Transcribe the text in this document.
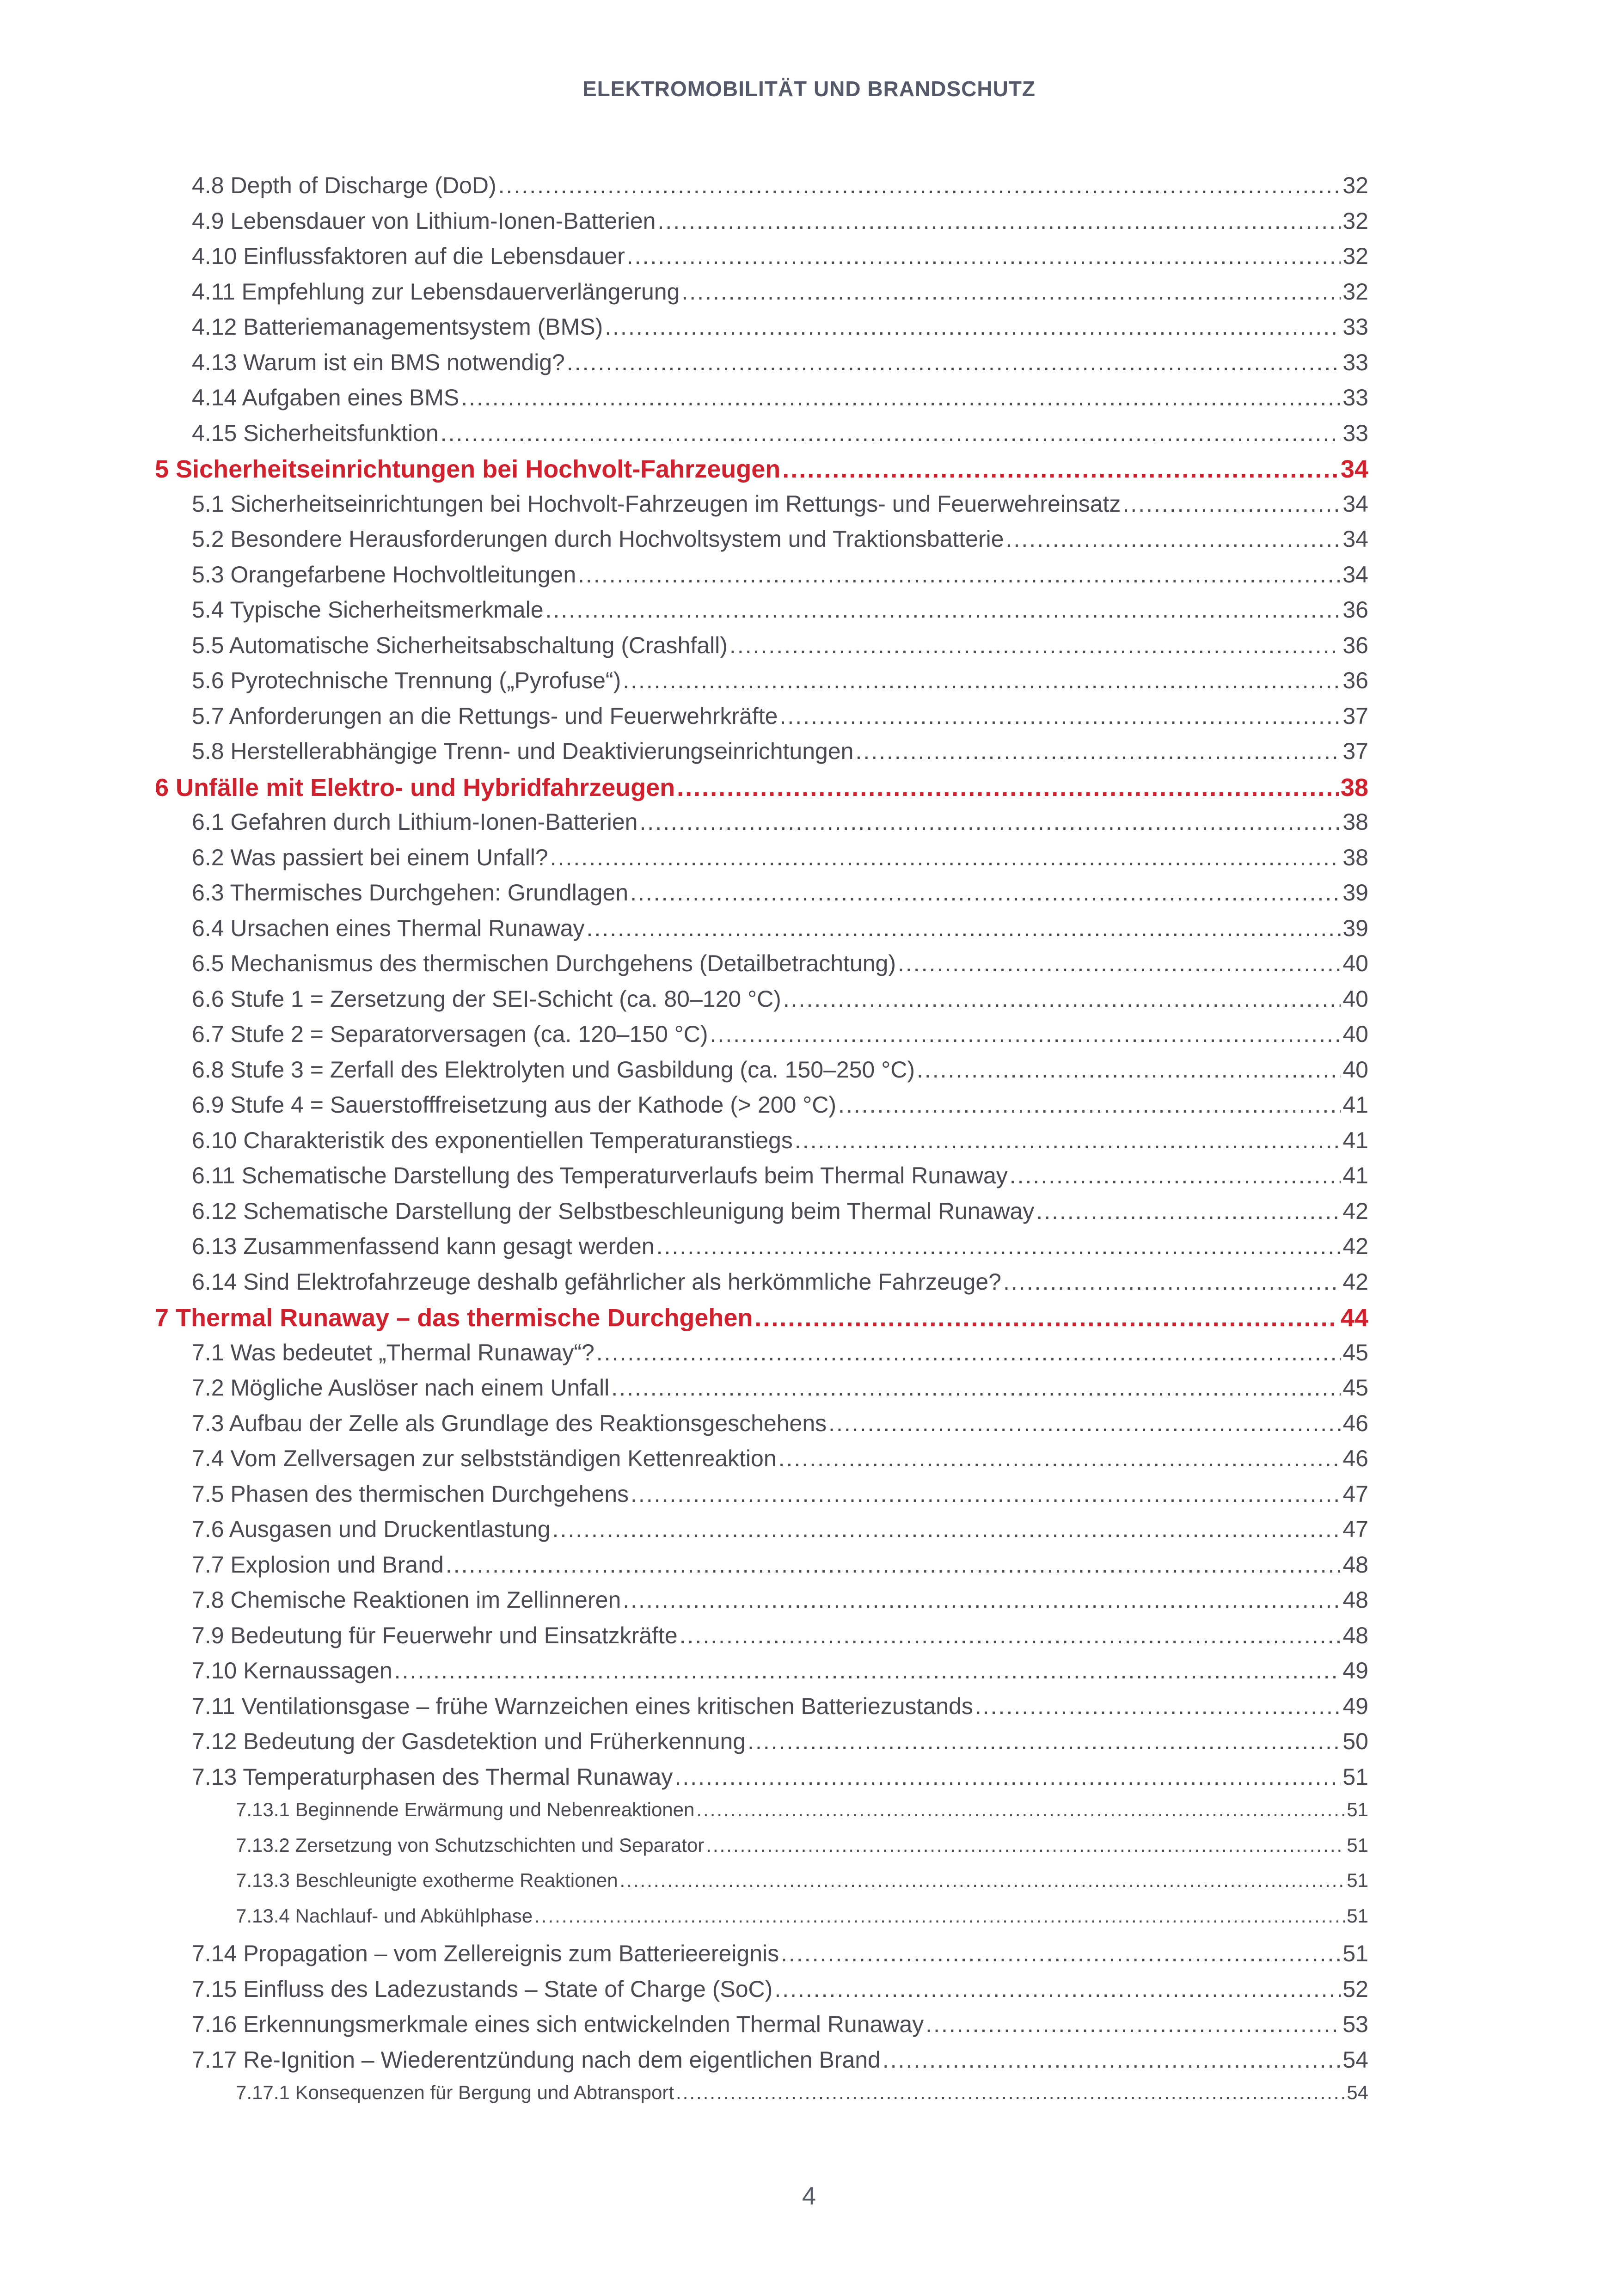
ELEKTROMOBILITÄT UND BRANDSCHUTZ
4.8 Depth of Discharge (DoD) .....	32
4.9 Lebensdauer von Lithium-Ionen-Batterien .....	32
4.10 Einflussfaktoren auf die Lebensdauer .....	32
4.11 Empfehlung zur Lebensdauerverlängerung .....	32
4.12 Batteriemanagementsystem (BMS) .....	33
4.13 Warum ist ein BMS notwendig? .....	33
4.14 Aufgaben eines BMS .....	33
4.15 Sicherheitsfunktion .....	33
5 Sicherheitseinrichtungen bei Hochvolt-Fahrzeugen .....	34
5.1 Sicherheitseinrichtungen bei Hochvolt-Fahrzeugen im Rettungs- und Feuerwehreinsatz .....	34
5.2 Besondere Herausforderungen durch Hochvoltsystem und Traktionsbatterie .....	34
5.3 Orangefarbene Hochvoltleitungen .....	34
5.4 Typische Sicherheitsmerkmale .....	36
5.5 Automatische Sicherheitsabschaltung (Crashfall) .....	36
5.6 Pyrotechnische Trennung („Pyrofuse“) .....	36
5.7 Anforderungen an die Rettungs- und Feuerwehrkräfte .....	37
5.8 Herstellerabhängige Trenn- und Deaktivierungseinrichtungen .....	37
6 Unfälle mit Elektro- und Hybridfahrzeugen .....	38
6.1 Gefahren durch Lithium-Ionen-Batterien .....	38
6.2 Was passiert bei einem Unfall? .....	38
6.3 Thermisches Durchgehen: Grundlagen .....	39
6.4 Ursachen eines Thermal Runaway .....	39
6.5 Mechanismus des thermischen Durchgehens (Detailbetrachtung) .....	40
6.6 Stufe 1 = Zersetzung der SEI-Schicht (ca. 80–120 °C) .....	40
6.7 Stufe 2 = Separatorversagen (ca. 120–150 °C) .....	40
6.8 Stufe 3 = Zerfall des Elektrolyten und Gasbildung (ca. 150–250 °C) .....	40
6.9 Stufe 4 = Sauerstofffreisetzung aus der Kathode (> 200 °C) .....	41
6.10 Charakteristik des exponentiellen Temperaturanstiegs .....	41
6.11 Schematische Darstellung des Temperaturverlaufs beim Thermal Runaway .....	41
6.12 Schematische Darstellung der Selbstbeschleunigung beim Thermal Runaway .....	42
6.13 Zusammenfassend kann gesagt werden .....	42
6.14 Sind Elektrofahrzeuge deshalb gefährlicher als herkömmliche Fahrzeuge? .....	42
7 Thermal Runaway – das thermische Durchgehen .....	44
7.1 Was bedeutet „Thermal Runaway“? .....	45
7.2 Mögliche Auslöser nach einem Unfall .....	45
7.3 Aufbau der Zelle als Grundlage des Reaktionsgeschehens .....	46
7.4 Vom Zellversagen zur selbstständigen Kettenreaktion .....	46
7.5 Phasen des thermischen Durchgehens .....	47
7.6 Ausgasen und Druckentlastung .....	47
7.7 Explosion und Brand .....	48
7.8 Chemische Reaktionen im Zellinneren .....	48
7.9 Bedeutung für Feuerwehr und Einsatzkräfte .....	48
7.10 Kernaussagen .....	49
7.11 Ventilationsgase – frühe Warnzeichen eines kritischen Batteriezustands .....	49
7.12 Bedeutung der Gasdetektion und Früherkennung .....	50
7.13 Temperaturphasen des Thermal Runaway .....	51
7.13.1 Beginnende Erwärmung und Nebenreaktionen .....	51
7.13.2 Zersetzung von Schutzschichten und Separator .....	51
7.13.3 Beschleunigte exotherme Reaktionen .....	51
7.13.4 Nachlauf- und Abkühlphase .....	51
7.14 Propagation – vom Zellereignis zum Batterieereignis .....	51
7.15 Einfluss des Ladezustands – State of Charge (SoC) .....	52
7.16 Erkennungsmerkmale eines sich entwickelnden Thermal Runaway .....	53
7.17 Re-Ignition – Wiederentzündung nach dem eigentlichen Brand .....	54
7.17.1 Konsequenzen für Bergung und Abtransport .....	54
4
